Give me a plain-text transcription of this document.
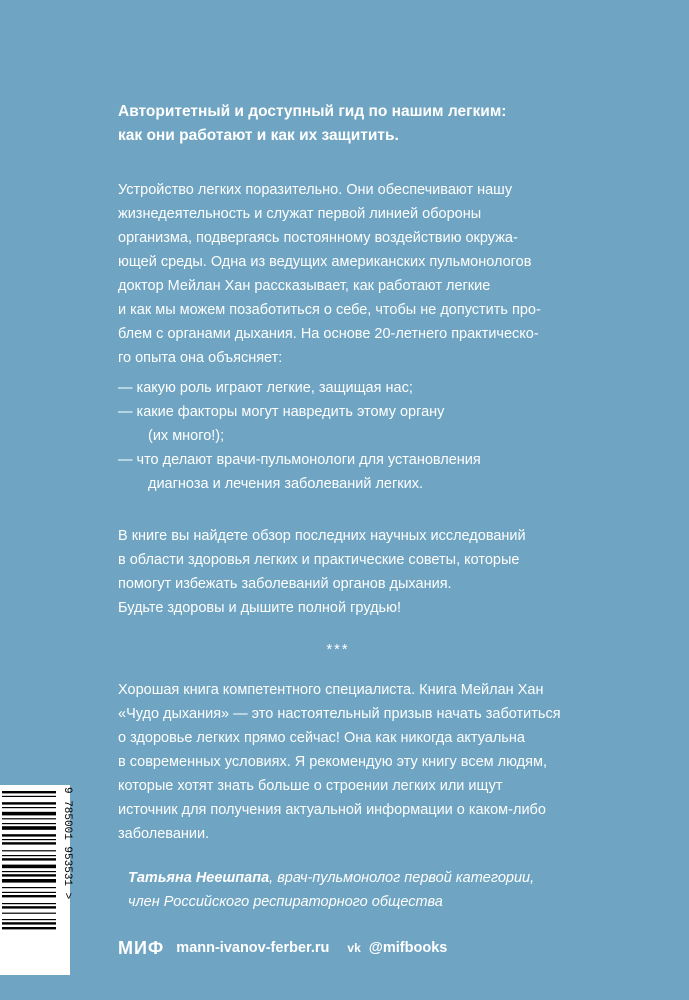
Авторитетный и доступный гид по нашим легким:
как они работают и как их защитить.
Устройство легких поразительно. Они обеспечивают нашу
жизнедеятельность и служат первой линией обороны
организма, подвергаясь постоянному воздействию окружа-
ющей среды. Одна из ведущих американских пульмонологов
доктор Мейлан Хан рассказывает, как работают легкие
и как мы можем позаботиться о себе, чтобы не допустить про-
блем с органами дыхания. На основе 20-летнего практическо-
го опыта она объясняет:
— какую роль играют легкие, защищая нас;
— какие факторы могут навредить этому органу
(их много!);
— что делают врачи-пульмонологи для установления
диагноза и лечения заболеваний легких.
В книге вы найдете обзор последних научных исследований
в области здоровья легких и практические советы, которые
помогут избежать заболеваний органов дыхания.
Будьте здоровы и дышите полной грудью!
***
Хорошая книга компетентного специалиста. Книга Мейлан Хан
«Чудо дыхания» — это настоятельный призыв начать заботиться
о здоровье легких прямо сейчас! Она как никогда актуальна
в современных условиях. Я рекомендую эту книгу всем людям,
которые хотят знать больше о строении легких или ищут
источник для получения актуальной информации о каком-либо
заболевании.
Татьяна Неешпапа, врач-пульмонолог первой категории,
член Российского респираторного общества
9 785001 953531 >
МИФ mann-ivanov-ferber.ru vk @mifbooks
